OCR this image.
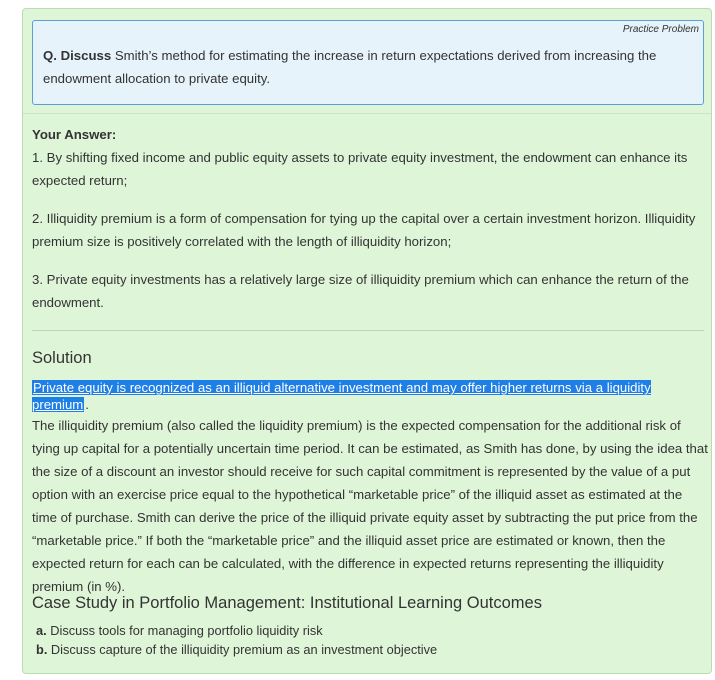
Practice Problem
Q. Discuss Smith’s method for estimating the increase in return expectations derived from increasing the endowment allocation to private equity.
Your Answer:

1. By shifting fixed income and public equity assets to private equity investment, the endowment can enhance its expected return;

2. Illiquidity premium is a form of compensation for tying up the capital over a certain investment horizon. Illiquidity premium size is positively correlated with the length of illiquidity horizon;

3. Private equity investments has a relatively large size of illiquidity premium which can enhance the return of the endowment.

Solution
Private equity is recognized as an illiquid alternative investment and may offer higher returns via a liquidity premium .
The illiquidity premium (also called the liquidity premium) is the expected compensation for the additional risk of tying up capital for a potentially uncertain time period. It can be estimated, as Smith has done, by using the idea that the size of a discount an investor should receive for such capital commitment is represented by the value of a put option with an exercise price equal to the hypothetical “marketable price” of the illiquid asset as estimated at the time of purchase. Smith can derive the price of the illiquid private equity asset by subtracting the put price from the “marketable price.” If both the “marketable price” and the illiquid asset price are estimated or known, then the expected return for each can be calculated, with the difference in expected returns representing the illiquidity premium (in %).
Case Study in Portfolio Management: Institutional Learning Outcomes
a. Discuss tools for managing portfolio liquidity risk
b. Discuss capture of the illiquidity premium as an investment objective
